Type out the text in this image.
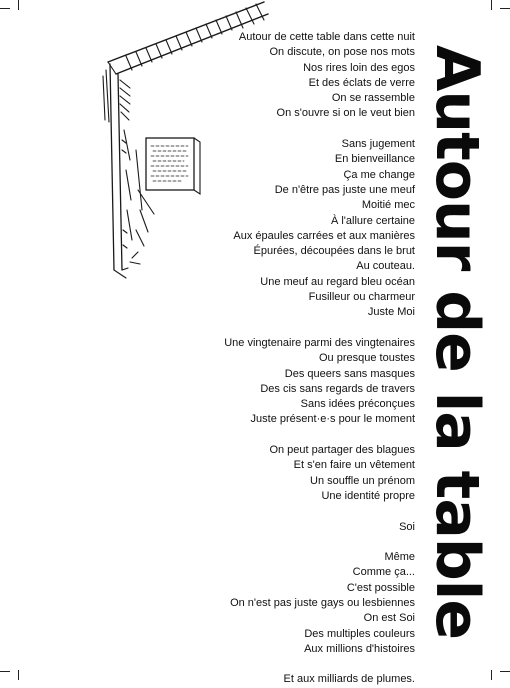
Autour de cette table dans cette nuit
On discute, on pose nos mots
Nos rires loin des egos
Et des éclats de verre
On se rassemble
On s'ouvre si on le veut bien
Sans jugement
En bienveillance
Ça me change
De n'être pas juste une meuf
Moitié mec
À l'allure certaine
Aux épaules carrées et aux manières
Épurées, découpées dans le brut
Au couteau.
Une meuf au regard bleu océan
Fusilleur ou charmeur
Juste Moi
Une vingtenaire parmi des vingtenaires
Ou presque toustes
Des queers sans masques
Des cis sans regards de travers
Sans idées préconçues
Juste présent·e·s pour le moment
On peut partager des blagues
Et s'en faire un vêtement
Un souffle un prénom
Une identité propre
Soi
Même
Comme ça...
C'est possible
On n'est pas juste gays ou lesbiennes
On est Soi
Des multiples couleurs
Aux millions d'histoires
Et aux milliards de plumes.
Autour de la table
